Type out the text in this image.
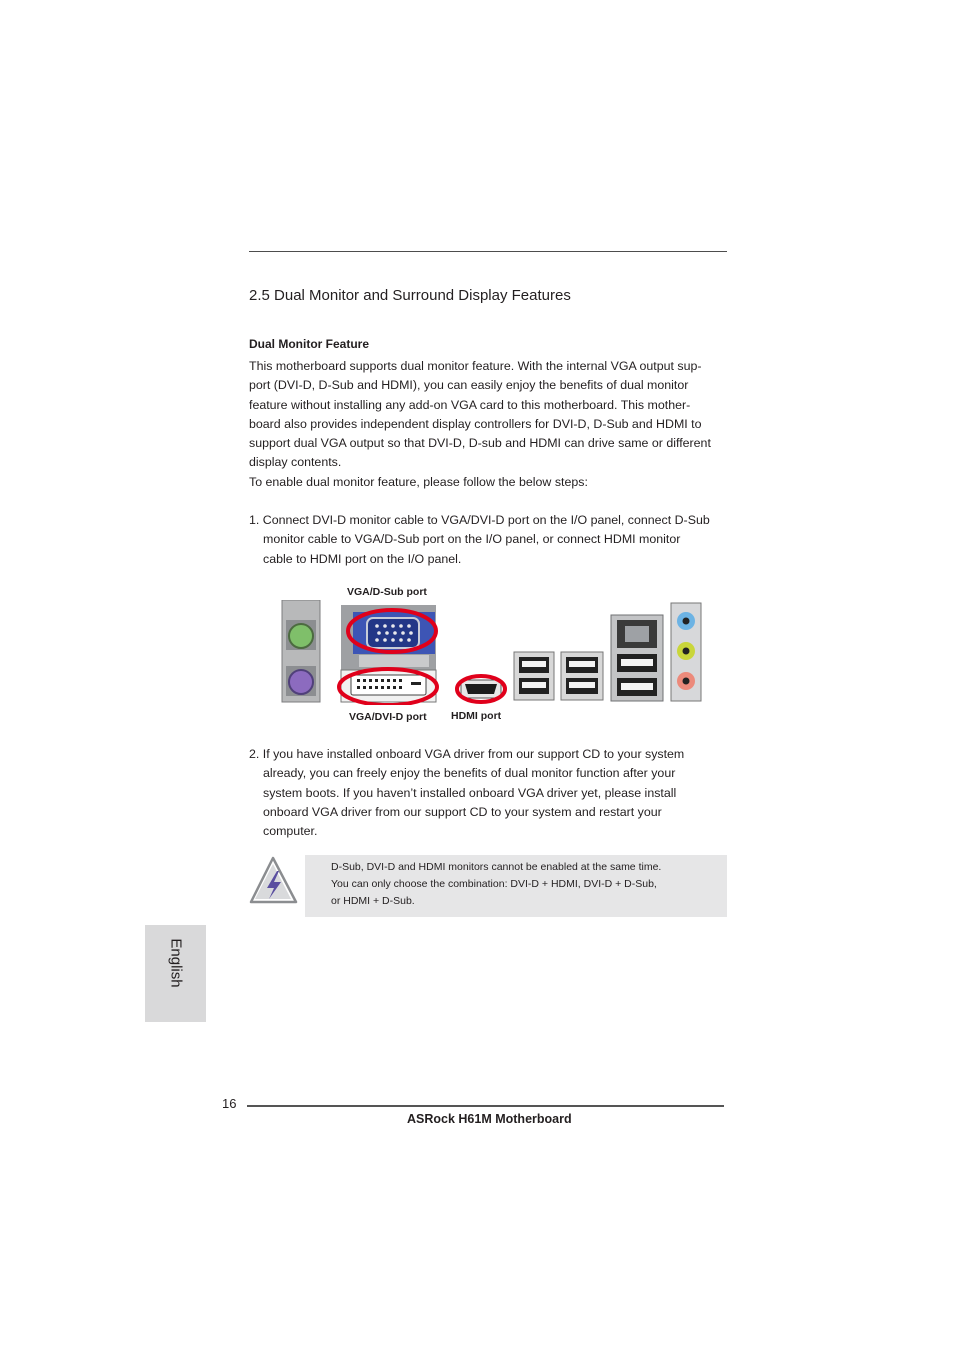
2.5 Dual Monitor and Surround Display Features
Dual Monitor Feature
This motherboard supports dual monitor feature. With the internal VGA output sup-
port (DVI-D, D-Sub and HDMI), you can easily enjoy the benefits of dual monitor
feature without installing any add-on VGA card to this motherboard. This mother-
board also provides independent display controllers for DVI-D, D-Sub and HDMI to
support dual VGA output so that DVI-D, D-sub and HDMI can drive same or different
display contents.
To enable dual monitor feature, please follow the below steps:
1. Connect DVI-D monitor cable to VGA/DVI-D port on the I/O panel, connect D-Sub
monitor cable to VGA/D-Sub port on the I/O panel, or connect HDMI monitor
cable to HDMI port on the I/O panel.
VGA/D-Sub port
VGA/DVI-D port HDMI port
2. If you have installed onboard VGA driver from our support CD to your system
already, you can freely enjoy the benefits of dual monitor function after your
system boots. If you haven’t installed onboard VGA driver yet, please install
onboard VGA driver from our support CD to your system and restart your
computer.
D-Sub, DVI-D and HDMI monitors cannot be enabled at the same time.
You can only choose the combination: DVI-D + HDMI, DVI-D + D-Sub,
or HDMI + D-Sub.
English
16
ASRock H61M Motherboard
